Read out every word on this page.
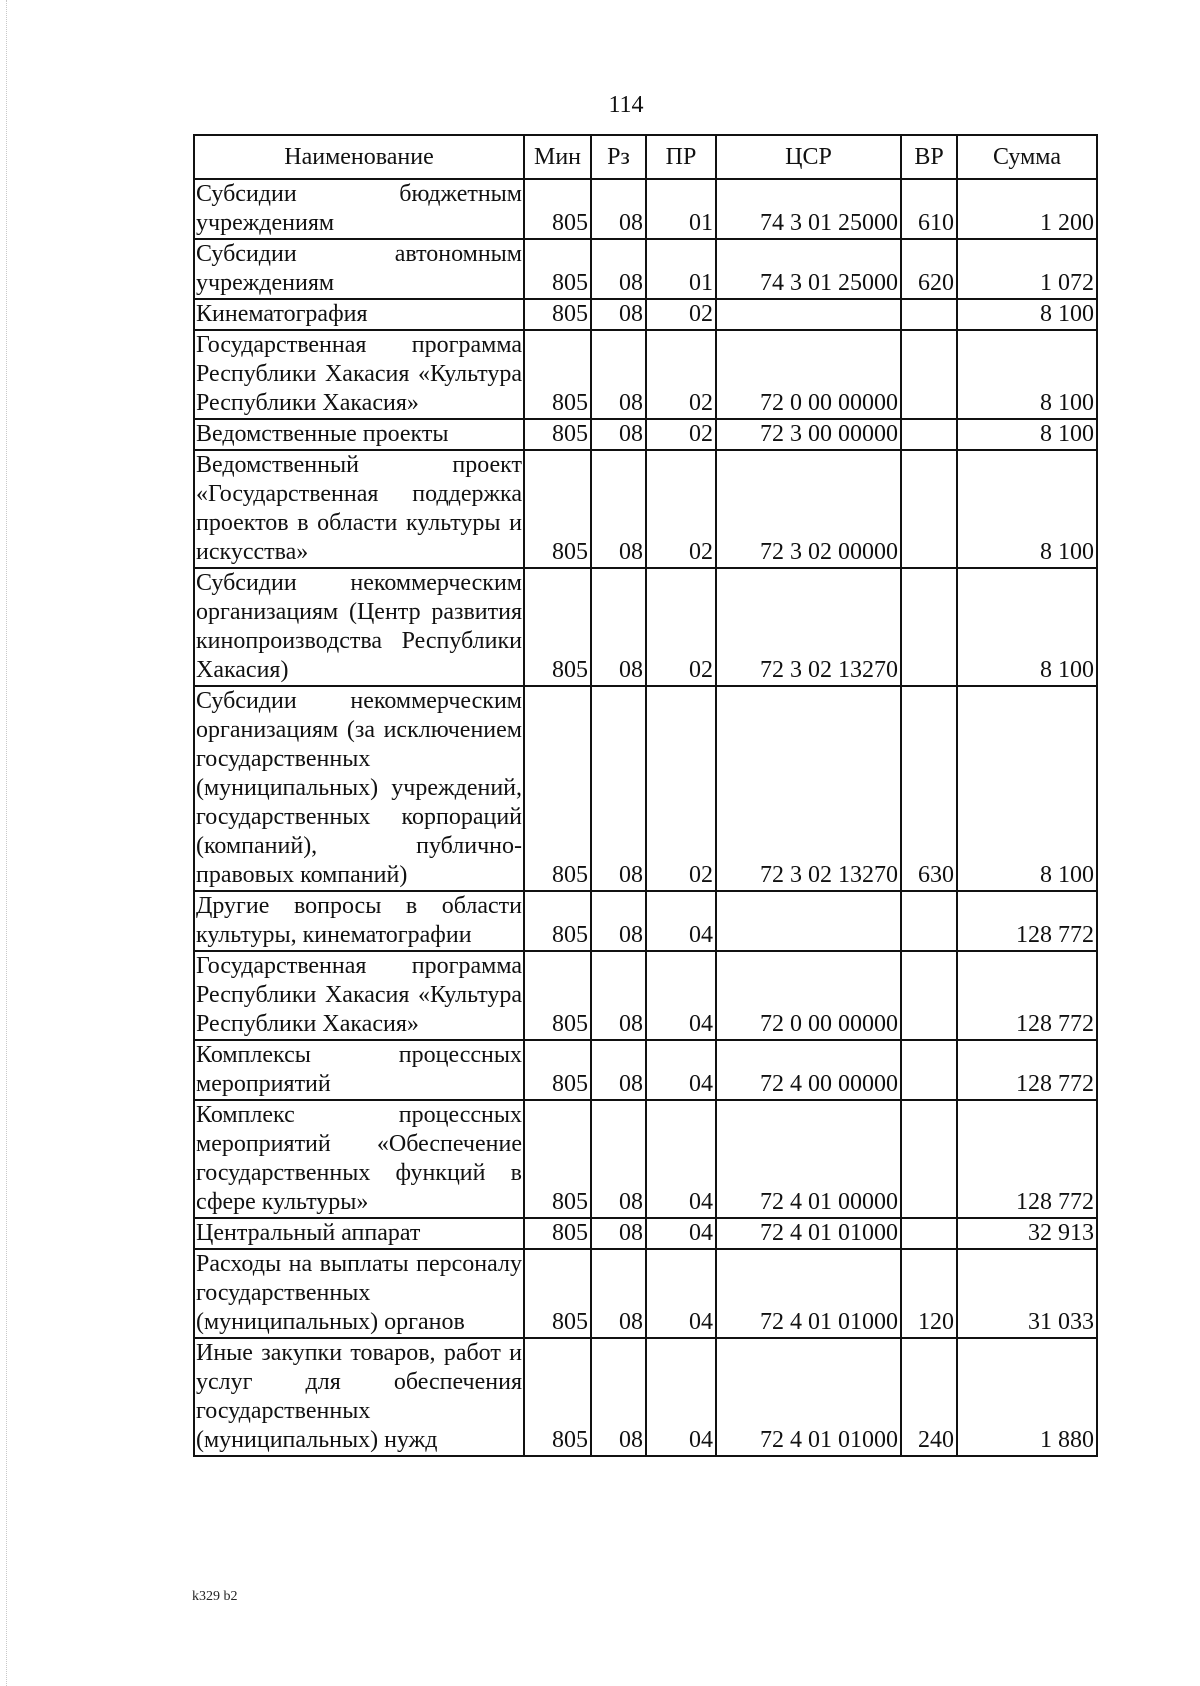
114
Наименование	Мин	Рз	ПР	ЦСР	ВР	Сумма
Субсидии бюджетным учреждениям	805	08	01	74 3 01 25000	610	1 200
Субсидии автономным учреждениям	805	08	01	74 3 01 25000	620	1 072
Кинематография	805	08	02			8 100
Государственная программа Республики Хакасия «Культура Республики Хакасия»	805	08	02	72 0 00 00000		8 100
Ведомственные проекты	805	08	02	72 3 00 00000		8 100
Ведомственный проект «Государственная поддержка проектов в области культуры и искусства»	805	08	02	72 3 02 00000		8 100
Субсидии некоммерческим организациям (Центр развития кинопроизводства Республики Хакасия)	805	08	02	72 3 02 13270		8 100
Субсидии некоммерческим организациям (за исключением государственных (муниципальных) учреждений, государственных корпораций (компаний), публично-правовых компаний)	805	08	02	72 3 02 13270	630	8 100
Другие вопросы в области культуры, кинематографии	805	08	04			128 772
Государственная программа Республики Хакасия «Культура Республики Хакасия»	805	08	04	72 0 00 00000		128 772
Комплексы процессных мероприятий	805	08	04	72 4 00 00000		128 772
Комплекс процессных мероприятий «Обеспечение государственных функций в сфере культуры»	805	08	04	72 4 01 00000		128 772
Центральный аппарат	805	08	04	72 4 01 01000		32 913
Расходы на выплаты персоналу государственных (муниципальных) органов	805	08	04	72 4 01 01000	120	31 033
Иные закупки товаров, работ и услуг для обеспечения государственных (муниципальных) нужд	805	08	04	72 4 01 01000	240	1 880
k329 b2
